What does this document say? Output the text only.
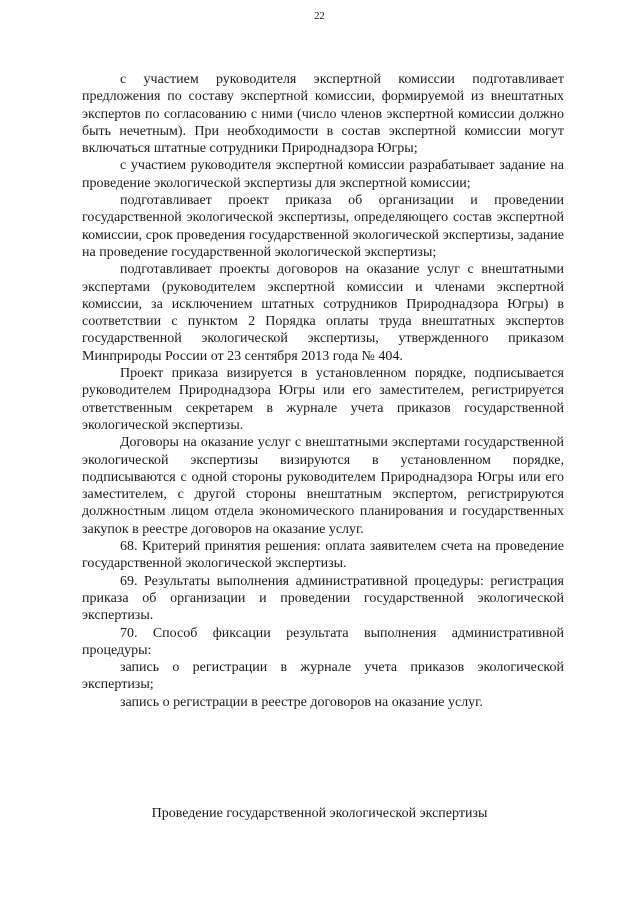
22

с участием руководителя экспертной комиссии подготавливает предложения по составу экспертной комиссии, формируемой из внештатных экспертов по согласованию с ними (число членов экспертной комиссии должно быть нечетным). При необходимости в состав экспертной комиссии могут включаться штатные сотрудники Природнадзора Югры;

с участием руководителя экспертной комиссии разрабатывает задание на проведение экологической экспертизы для экспертной комиссии;

подготавливает проект приказа об организации и проведении государственной экологической экспертизы, определяющего состав экспертной комиссии, срок проведения государственной экологической экспертизы, задание на проведение государственной экологической экспертизы;

подготавливает проекты договоров на оказание услуг с внештатными экспертами (руководителем экспертной комиссии и членами экспертной комиссии, за исключением штатных сотрудников Природнадзора Югры) в соответствии с пунктом 2 Порядка оплаты труда внештатных экспертов государственной экологической экспертизы, утвержденного приказом Минприроды России от 23 сентября 2013 года № 404.

Проект приказа визируется в установленном порядке, подписывается руководителем Природнадзора Югры или его заместителем, регистрируется ответственным секретарем в журнале учета приказов государственной экологической экспертизы.

Договоры на оказание услуг с внештатными экспертами государственной экологической экспертизы визируются в установленном порядке, подписываются с одной стороны руководителем Природнадзора Югры или его заместителем, с другой стороны внештатным экспертом, регистрируются должностным лицом отдела экономического планирования и государственных закупок в реестре договоров на оказание услуг.

68. Критерий принятия решения: оплата заявителем счета на проведение государственной экологической экспертизы.

69. Результаты выполнения административной процедуры: регистрация приказа об организации и проведении государственной экологической экспертизы.

70. Способ фиксации результата выполнения административной процедуры:

запись о регистрации в журнале учета приказов экологической экспертизы;

запись о регистрации в реестре договоров на оказание услуг.

Проведение государственной экологической экспертизы
